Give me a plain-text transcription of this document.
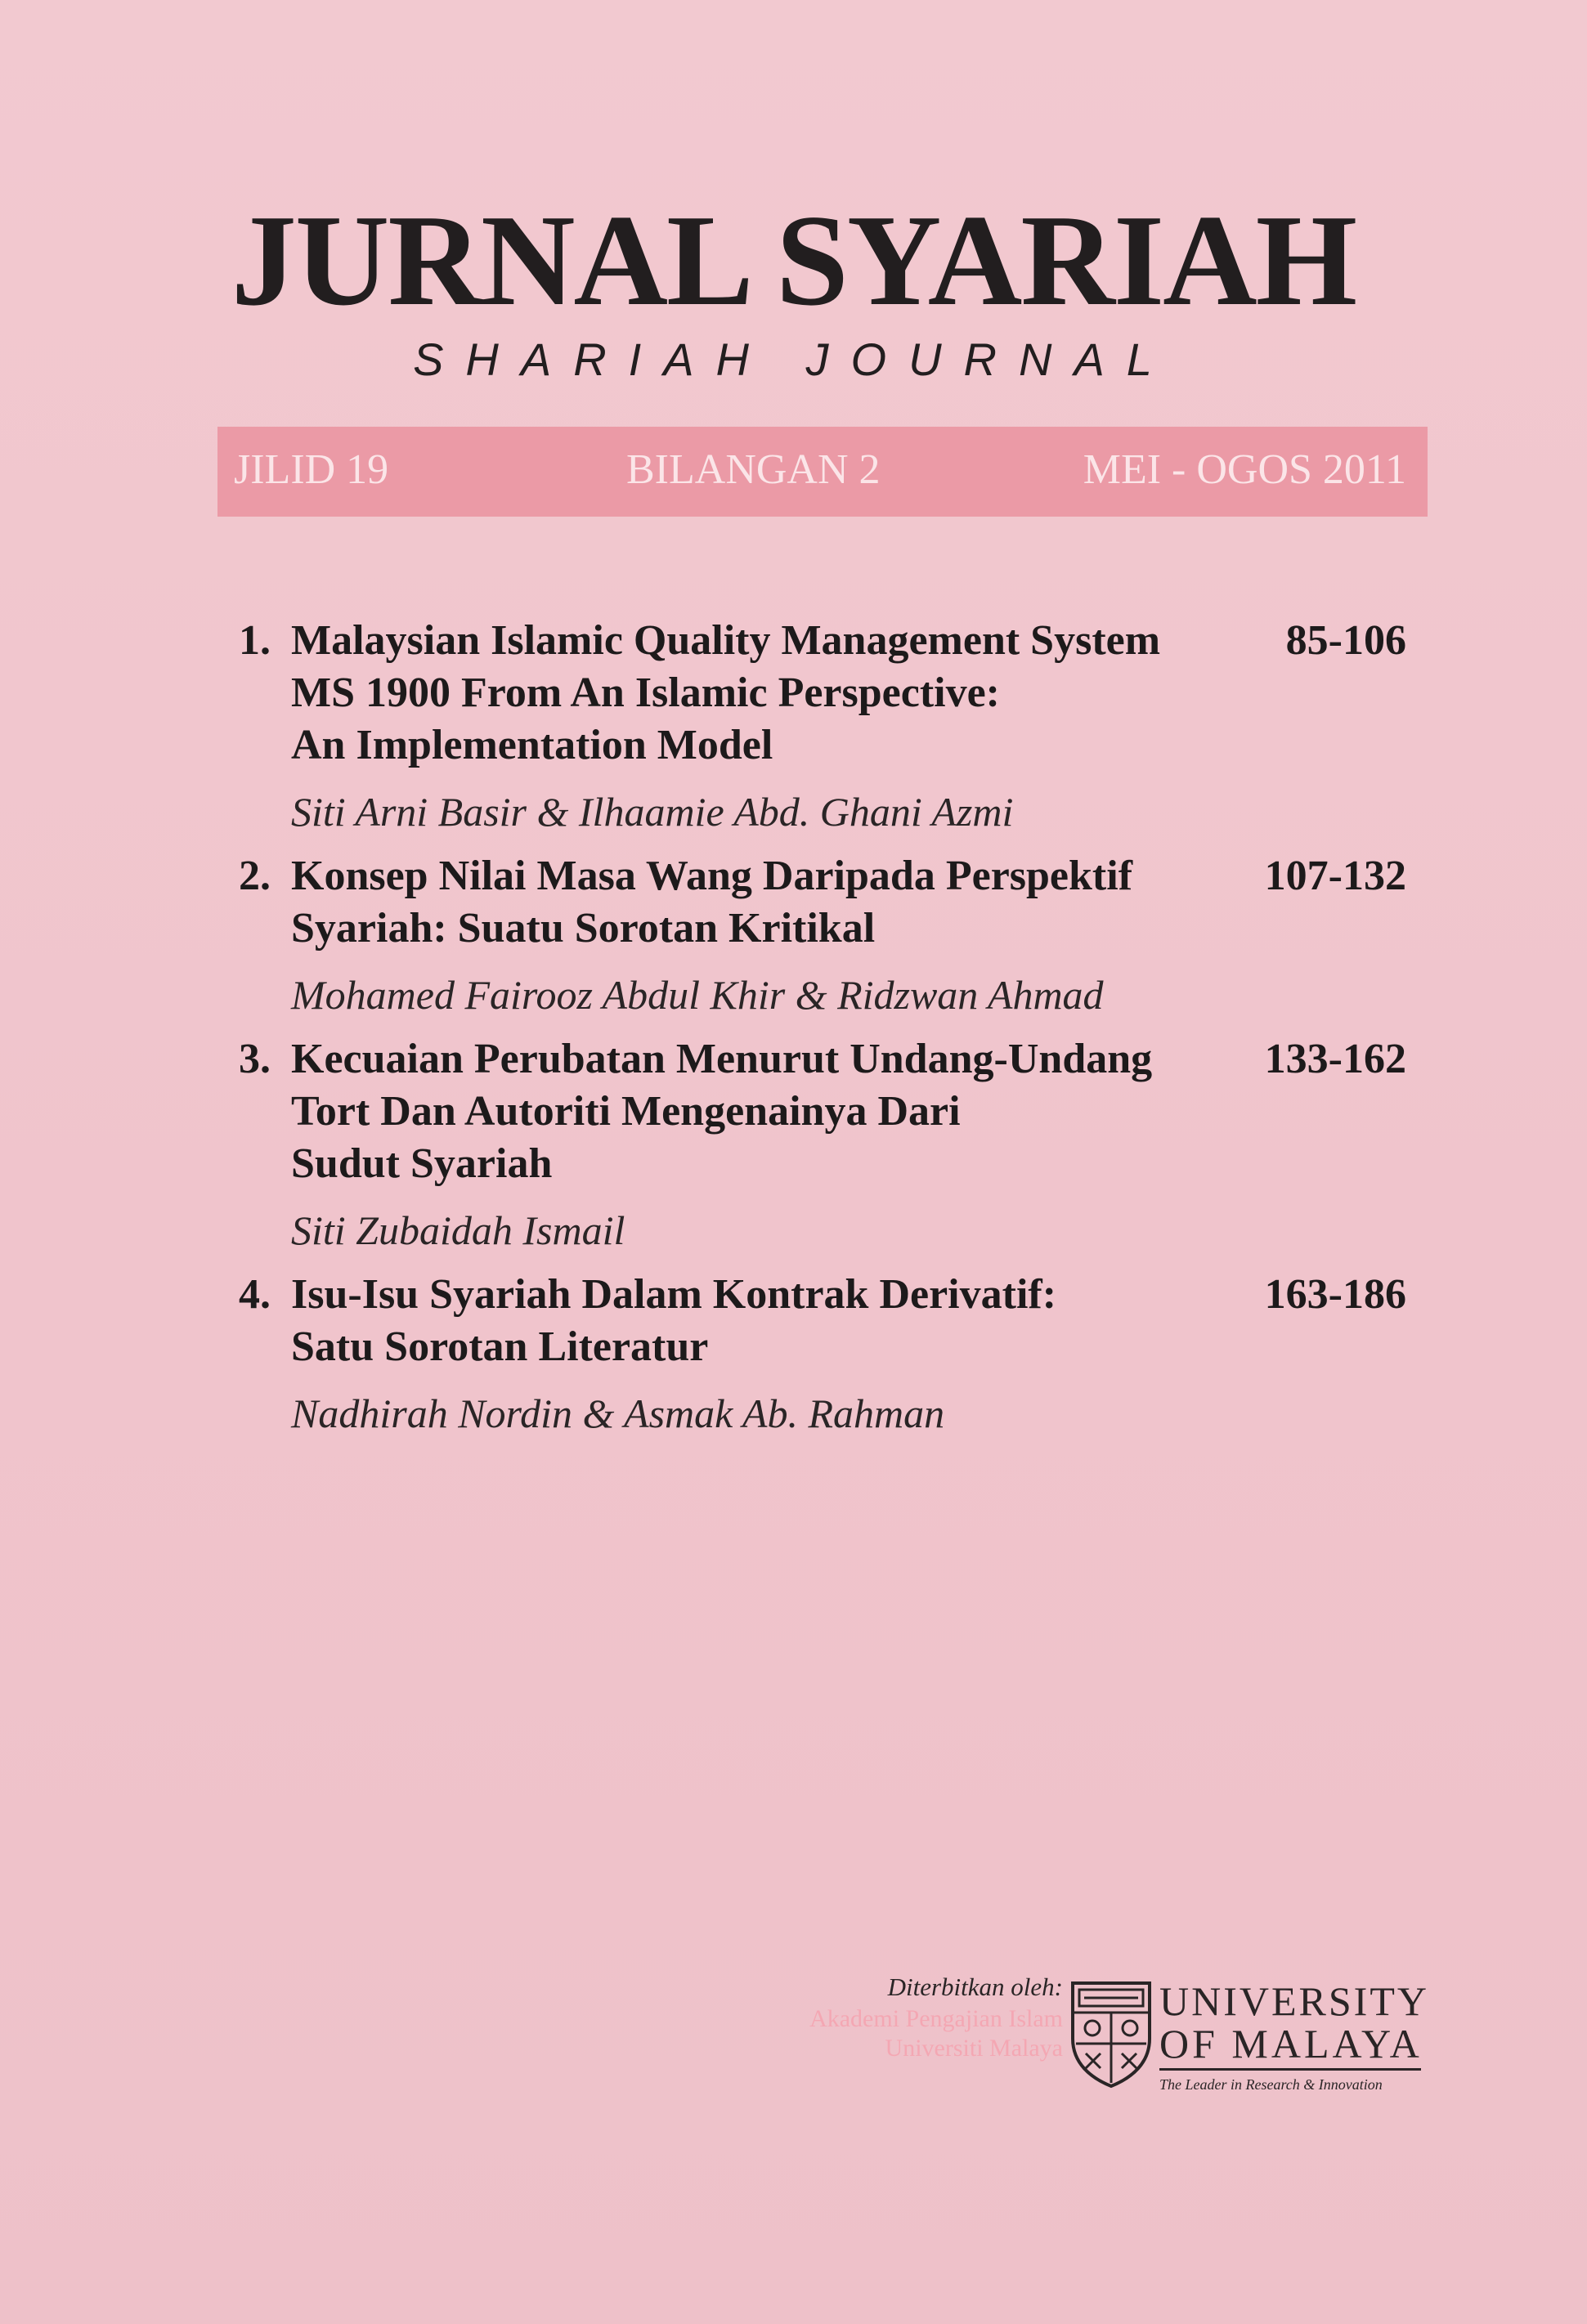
JURNAL SYARIAH
SHARIAH JOURNAL
JILID 19	BILANGAN 2	MEI - OGOS 2011
1. Malaysian Islamic Quality Management System
MS 1900 From An Islamic Perspective:
An Implementation Model
85-106
Siti Arni Basir & Ilhaamie Abd. Ghani Azmi
2. Konsep Nilai Masa Wang Daripada Perspektif
Syariah: Suatu Sorotan Kritikal
107-132
Mohamed Fairooz Abdul Khir & Ridzwan Ahmad
3. Kecuaian Perubatan Menurut Undang-Undang
Tort Dan Autoriti Mengenainya Dari
Sudut Syariah
133-162
Siti Zubaidah Ismail
4. Isu-Isu Syariah Dalam Kontrak Derivatif:
Satu Sorotan Literatur
163-186
Nadhirah Nordin & Asmak Ab. Rahman
Diterbitkan oleh:
Akademi Pengajian Islam
Universiti Malaya
UNIVERSITY
OF MALAYA
The Leader in Research & Innovation
